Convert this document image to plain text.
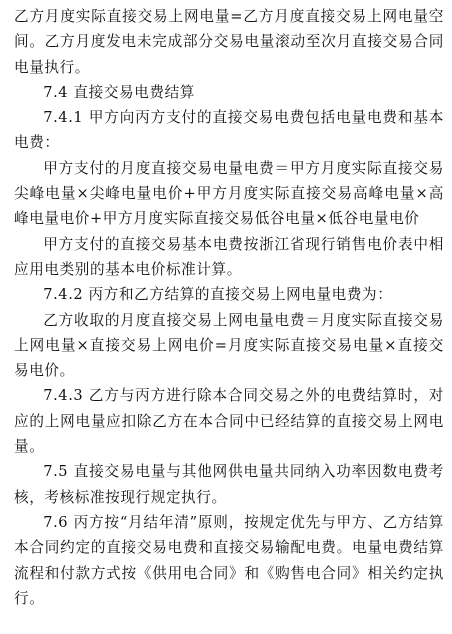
乙方月度实际直接交易上网电量=乙方月度直接交易上网电量空间。乙方月度发电未完成部分交易电量滚动至次月直接交易合同电量执行。

7.4 直接交易电费结算

7.4.1 甲方向丙方支付的直接交易电费包括电量电费和基本电费：

甲方支付的月度直接交易电量电费＝甲方月度实际直接交易尖峰电量×尖峰电量电价+甲方月度实际直接交易高峰电量×高峰电量电价+甲方月度实际直接交易低谷电量×低谷电量电价

甲方支付的直接交易基本电费按浙江省现行销售电价表中相应用电类别的基本电价标准计算。

7.4.2 丙方和乙方结算的直接交易上网电量电费为：

乙方收取的月度直接交易上网电量电费＝月度实际直接交易上网电量×直接交易上网电价=月度实际直接交易电量×直接交易电价。

7.4.3 乙方与丙方进行除本合同交易之外的电费结算时，对应的上网电量应扣除乙方在本合同中已经结算的直接交易上网电量。

7.5 直接交易电量与其他网供电量共同纳入功率因数电费考核，考核标准按现行规定执行。

7.6 丙方按“月结年清”原则，按规定优先与甲方、乙方结算本合同约定的直接交易电费和直接交易输配电费。电量电费结算流程和付款方式按《供用电合同》和《购售电合同》相关约定执行。
